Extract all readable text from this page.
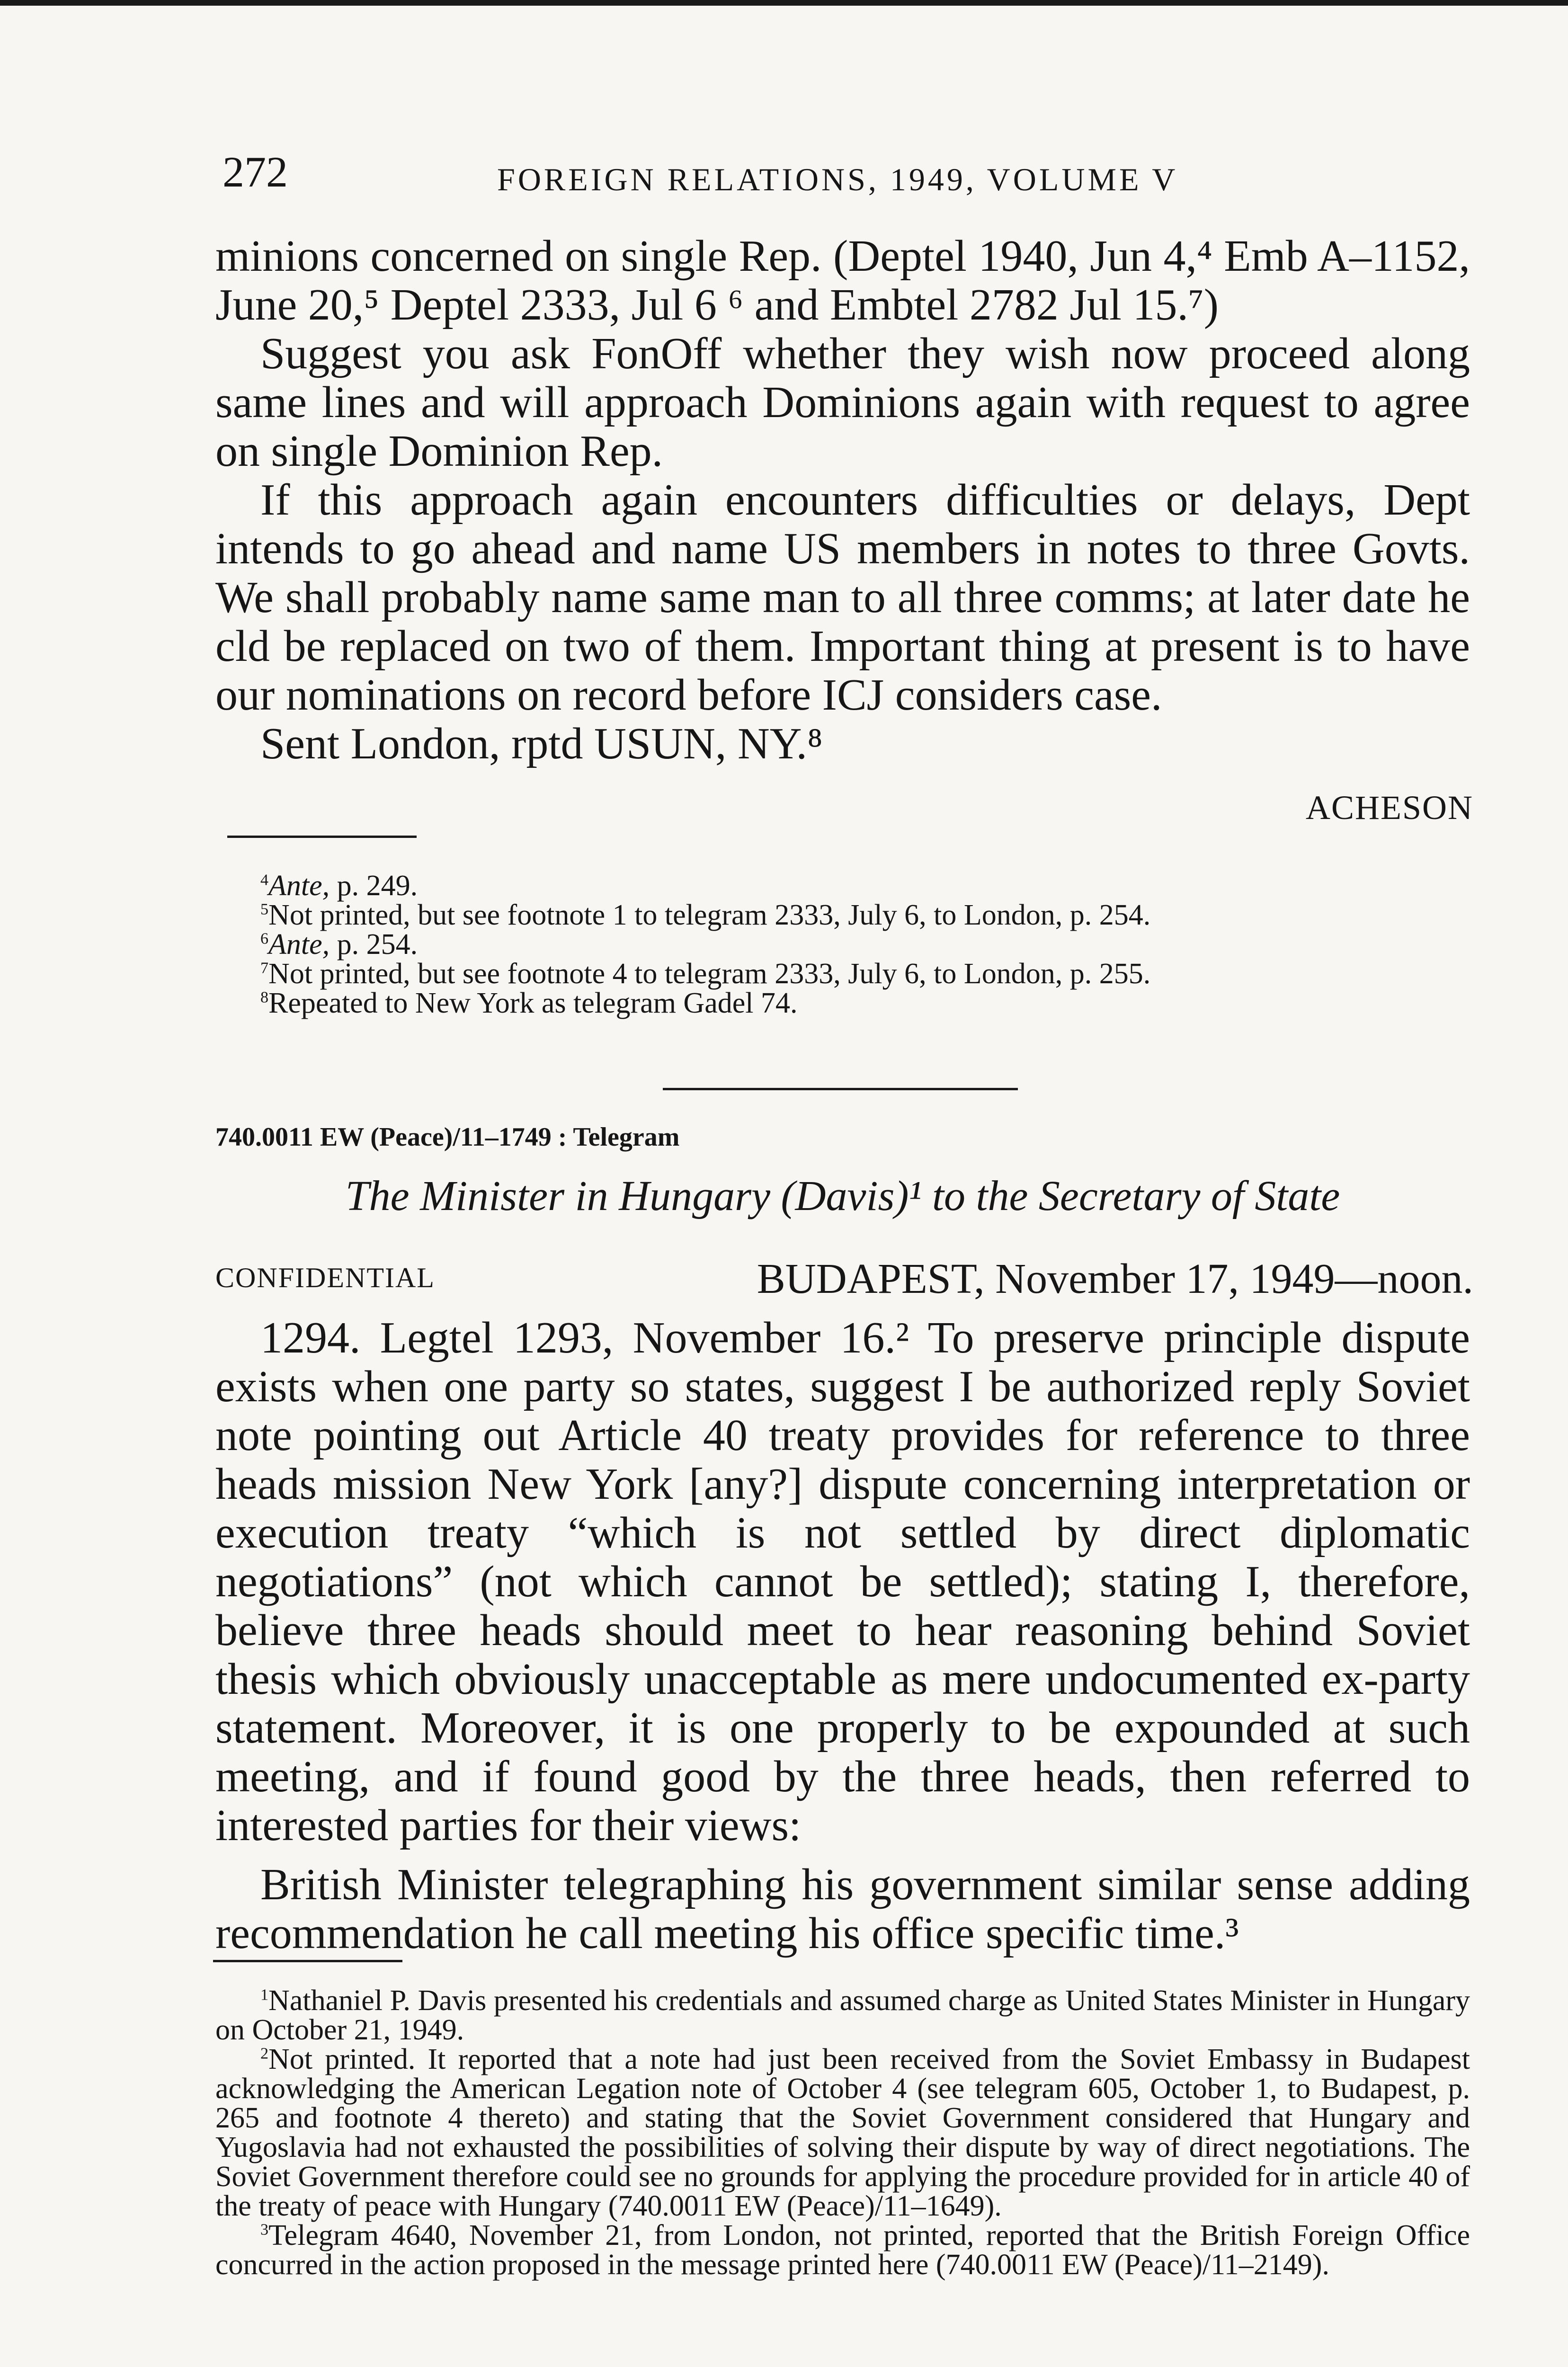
272	FOREIGN RELATIONS, 1949, VOLUME V

minions concerned on single Rep. (Deptel 1940, Jun 4,⁴ Emb A–1152, June 20,⁵ Deptel 2333, Jul 6 ⁶ and Embtel 2782 Jul 15.⁷)

Suggest you ask FonOff whether they wish now proceed along same lines and will approach Dominions again with request to agree on single Dominion Rep.

If this approach again encounters difficulties or delays, Dept intends to go ahead and name US members in notes to three Govts. We shall probably name same man to all three comms; at later date he cld be replaced on two of them. Important thing at present is to have our nominations on record before ICJ considers case.

Sent London, rptd USUN, NY.⁸

ACHESON

$^4$Ante, p. 249.

$^5$Not printed, but see footnote 1 to telegram 2333, July 6, to London, p. 254.

$^6$Ante, p. 254.

$^7$Not printed, but see footnote 4 to telegram 2333, July 6, to London, p. 255.

$^8$Repeated to New York as telegram Gadel 74.

740.0011 EW (Peace)/11–1749 : Telegram
The Minister in Hungary (Davis)¹ to the Secretary of State
CONFIDENTIAL	BUDAPEST, November 17, 1949—noon.

1294. Legtel 1293, November 16.² To preserve principle dispute exists when one party so states, suggest I be authorized reply Soviet note pointing out Article 40 treaty provides for reference to three heads mission New York [any?] dispute concerning interpretation or execution treaty “which is not settled by direct diplomatic negotiations” (not which cannot be settled); stating I, therefore, believe three heads should meet to hear reasoning behind Soviet thesis which obviously unacceptable as mere undocumented ex-party statement. Moreover, it is one properly to be expounded at such meeting, and if found good by the three heads, then referred to interested parties for their views:

British Minister telegraphing his government similar sense adding recommendation he call meeting his office specific time.³

$^1$Nathaniel P. Davis presented his credentials and assumed charge as United States Minister in Hungary on October 21, 1949.

$^2$Not printed. It reported that a note had just been received from the Soviet Embassy in Budapest acknowledging the American Legation note of October 4 (see telegram 605, October 1, to Budapest, p. 265 and footnote 4 thereto) and stating that the Soviet Government considered that Hungary and Yugoslavia had not exhausted the possibilities of solving their dispute by way of direct negotiations. The Soviet Government therefore could see no grounds for applying the procedure provided for in article 40 of the treaty of peace with Hungary (740.0011 EW (Peace)/11–1649).

$^3$Telegram 4640, November 21, from London, not printed, reported that the British Foreign Office concurred in the action proposed in the message printed here (740.0011 EW (Peace)/11–2149).
